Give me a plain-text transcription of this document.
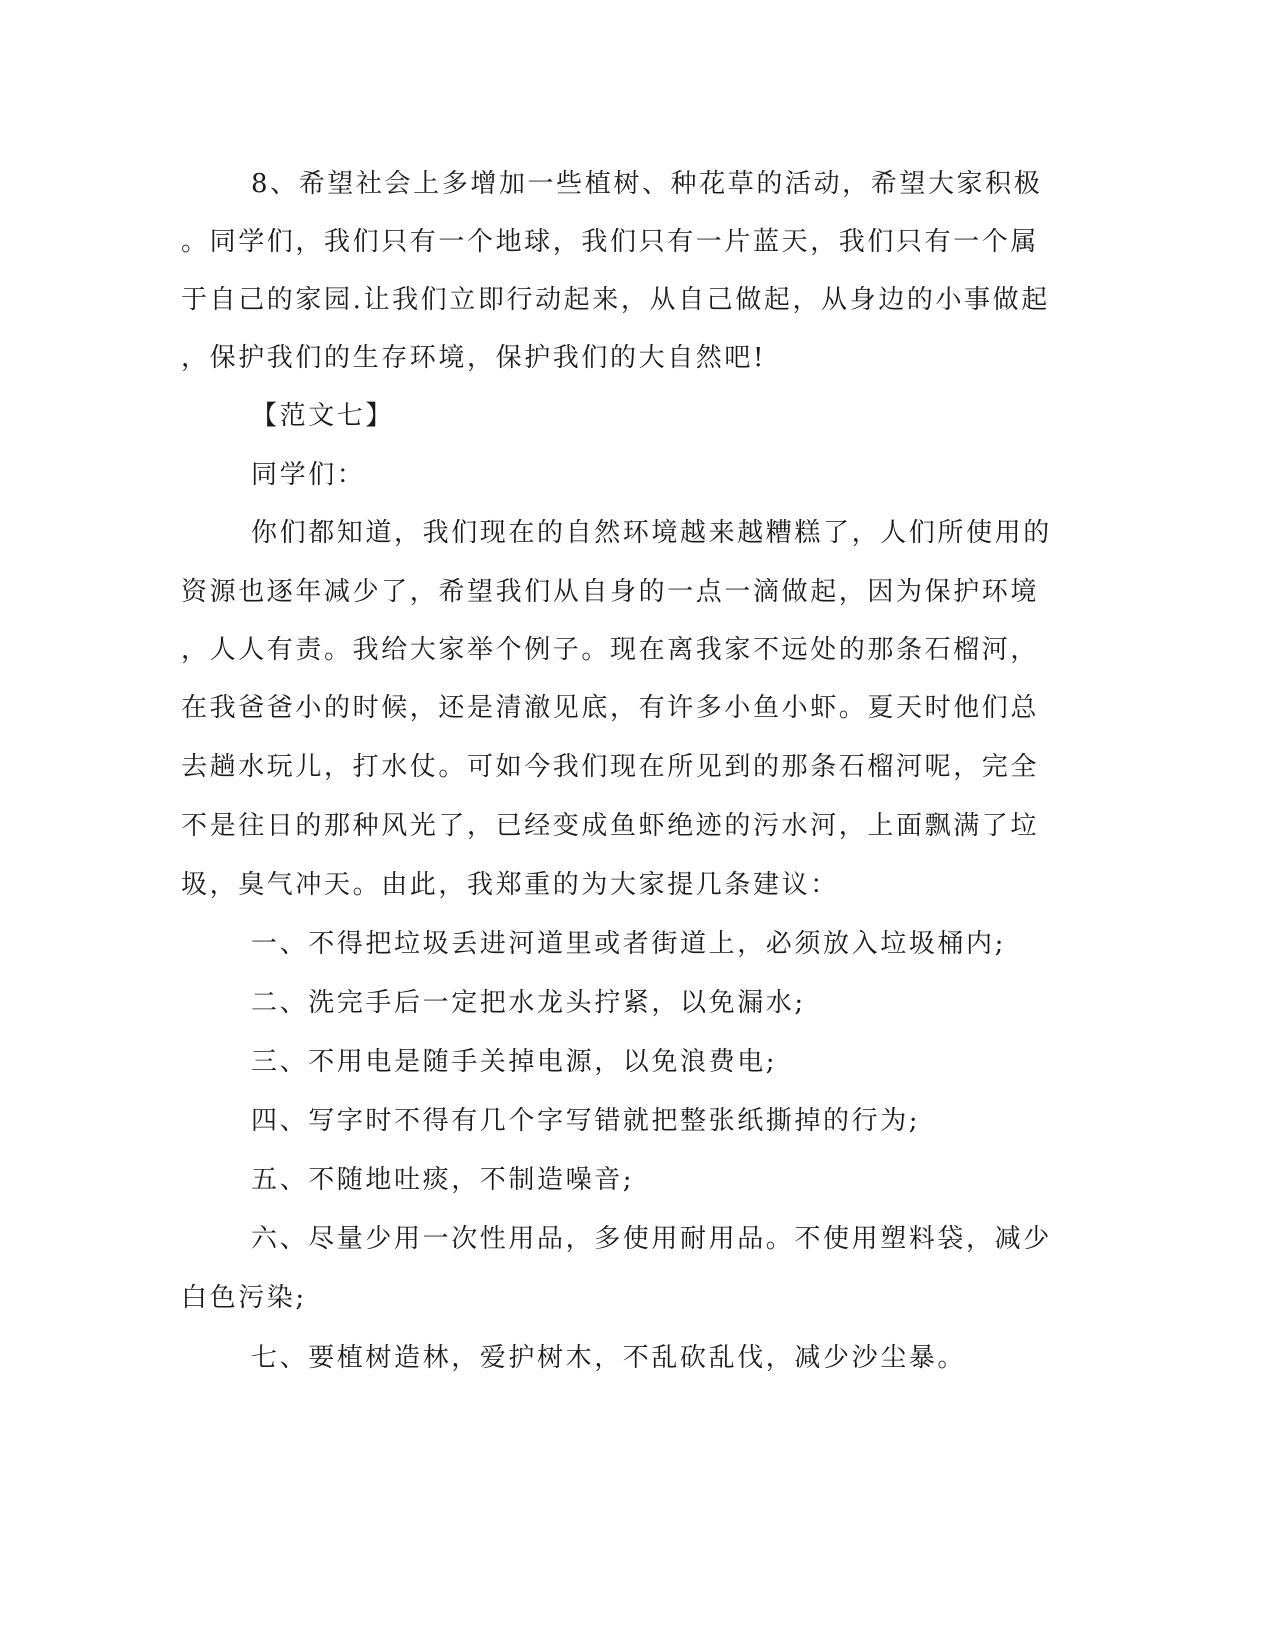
8、希望社会上多增加一些植树、种花草的活动，希望大家积极
。同学们，我们只有一个地球，我们只有一片蓝天，我们只有一个属
于自己的家园.让我们立即行动起来，从自己做起，从身边的小事做起
，保护我们的生存环境，保护我们的大自然吧!
【范文七】
同学们：
你们都知道，我们现在的自然环境越来越糟糕了，人们所使用的
资源也逐年减少了，希望我们从自身的一点一滴做起，因为保护环境
，人人有责。我给大家举个例子。现在离我家不远处的那条石榴河，
在我爸爸小的时候，还是清澈见底，有许多小鱼小虾。夏天时他们总
去趟水玩儿，打水仗。可如今我们现在所见到的那条石榴河呢，完全
不是往日的那种风光了，已经变成鱼虾绝迹的污水河，上面飘满了垃
圾，臭气冲天。由此，我郑重的为大家提几条建议：
一、不得把垃圾丢进河道里或者街道上，必须放入垃圾桶内;
二、洗完手后一定把水龙头拧紧，以免漏水;
三、不用电是随手关掉电源，以免浪费电;
四、写字时不得有几个字写错就把整张纸撕掉的行为;
五、不随地吐痰，不制造噪音;
六、尽量少用一次性用品，多使用耐用品。不使用塑料袋，减少
白色污染;
七、要植树造林，爱护树木，不乱砍乱伐，减少沙尘暴。
